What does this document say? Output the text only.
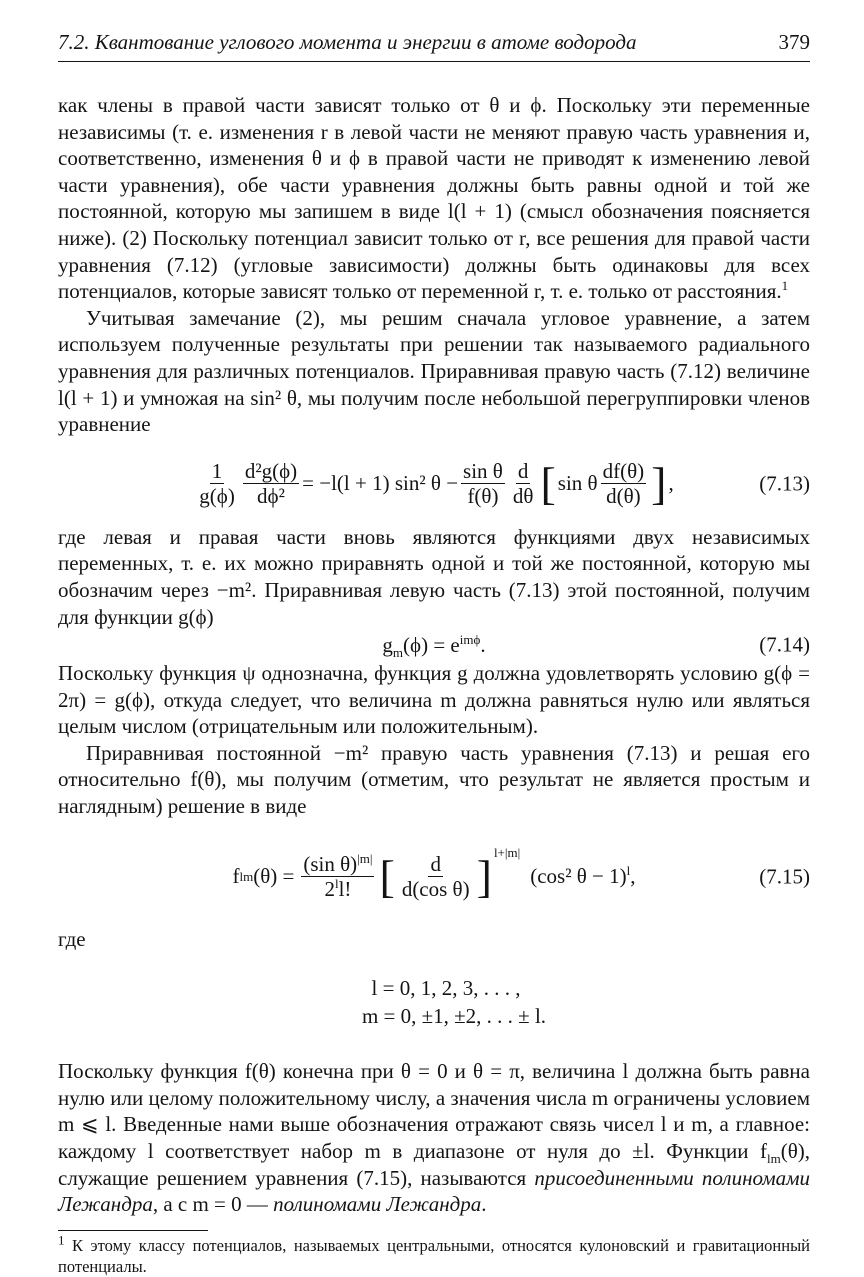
7.2. Квантование углового момента и энергии в атоме водорода	379

как члены в правой части зависят только от θ и ϕ. Поскольку эти переменные независимы (т. е. изменения r в левой части не меняют правую часть уравнения и, соответственно, изменения θ и ϕ в правой части не приводят к изменению левой части уравнения), обе части уравнения должны быть равны одной и той же постоянной, которую мы запишем в виде l(l + 1) (смысл обозначения поясняется ниже). (2) Поскольку потенциал зависит только от r, все решения для правой части уравнения (7.12) (угловые зависимости) должны быть одинаковы для всех потенциалов, которые зависят только от переменной r, т. е. только от расстояния.$^1$

Учитывая замечание (2), мы решим сначала угловое уравнение, а затем используем полученные результаты при решении так называемого радиального уравнения для различных потенциалов. Приравнивая правую часть (7.12) величине l(l + 1) и умножая на sin² θ, мы получим после небольшой перегруппировки членов уравнение

$\frac{1}{g(\phi)} \frac{\text{d²g(ϕ)}}{\text{dϕ²}} = -l(l + 1)$ sin² $\theta - \frac{\text{sin θ}}{f(\theta)} \frac{d}{d\theta}$ [ sin θ $\frac{df(\theta)}{d(\theta)}$ ] ,	(7.13)

где левая и правая части вновь являются функциями двух независимых переменных, т. е. их можно приравнять одной и той же постоянной, которую мы обозначим через −m². Приравнивая левую часть (7.13) этой постоянной, получим для функции g(ϕ)

$g_m(\phi) = e^{im\phi}$.	(7.14)

Поскольку функция ψ однозначна, функция g должна удовлетворять условию g(ϕ = 2π) = g(ϕ), откуда следует, что величина m должна равняться нулю или являться целым числом (отрицательным или положительным).

Приравнивая постоянной −m² правую часть уравнения (7.13) и решая его относительно f(θ), мы получим (отметим, что результат не является простым и наглядным) решение в виде

f lm $(\theta) = \frac{(\sin \theta)^{|m|}}{2^ll!}$ [ $\frac{d}{\text{d(cos θ)}} ]^{l+|m|}$
(cos² θ − 1)$^l$,	(7.15)

где

l = 0, 1, 2, 3, . . . ,
m = 0, ±1, ±2, . . . ± l.

Поскольку функция f(θ) конечна при θ = 0 и θ = π, величина l должна быть равна нулю или целому положительному числу, а значения числа m ограничены условием m ⩽ l. Введенные нами выше обозначения отражают связь чисел l и m, а главное: каждому l соответствует набор m в диапазоне от нуля до ±l. Функции $f_{lm}(\theta)$, служащие решением уравнения (7.15), называются присоединенными полиномами Лежандра, а с m = 0 — полиномами Лежандра.

$^1$ К этому классу потенциалов, называемых центральными, относятся кулоновский и гравитационный потенциалы.
